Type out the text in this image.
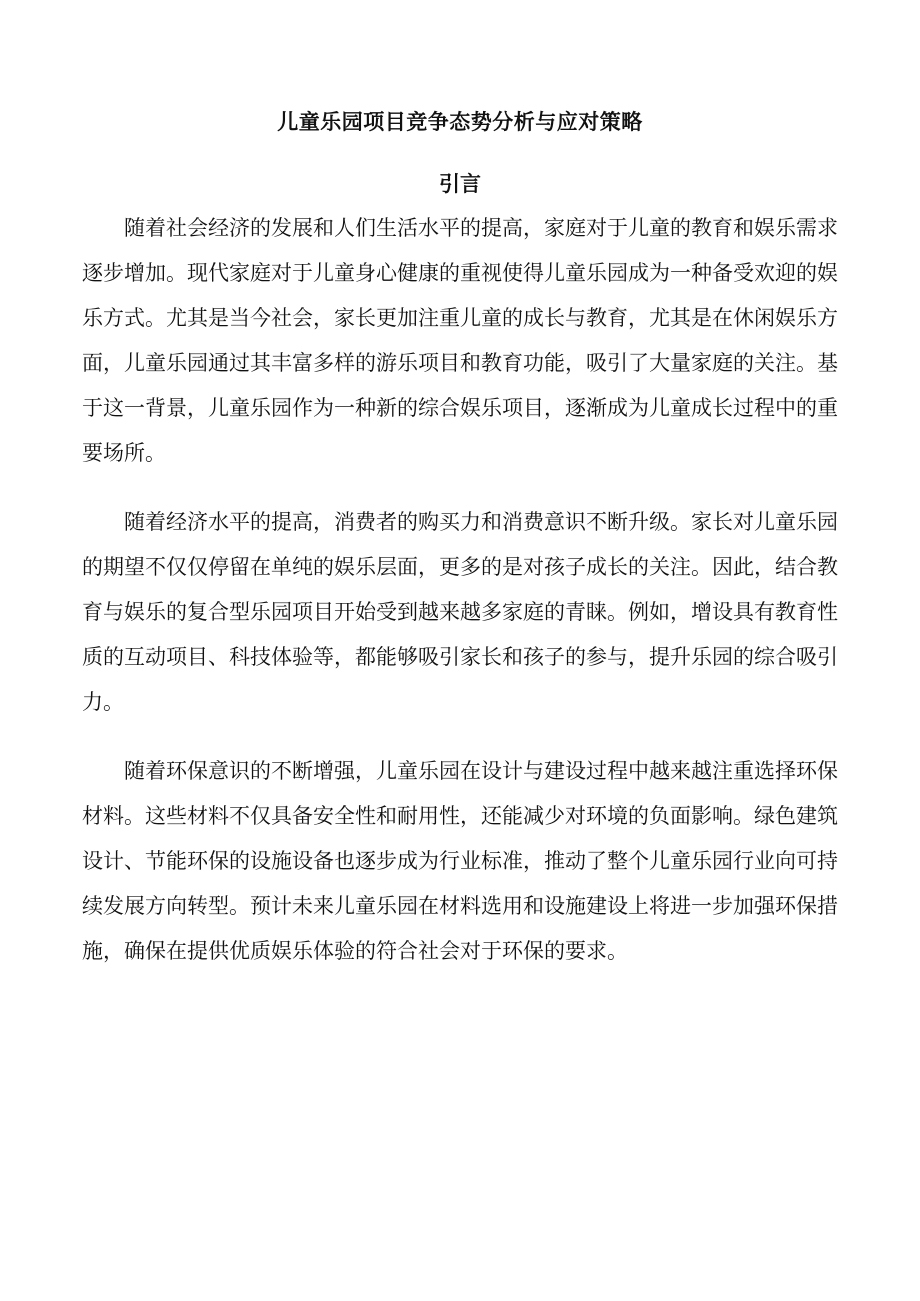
儿童乐园项目竞争态势分析与应对策略
引言

随着社会经济的发展和人们生活水平的提高，家庭对于儿童的教育和娱乐需求逐步增加。现代家庭对于儿童身心健康的重视使得儿童乐园成为一种备受欢迎的娱乐方式。尤其是当今社会，家长更加注重儿童的成长与教育，尤其是在休闲娱乐方面，儿童乐园通过其丰富多样的游乐项目和教育功能，吸引了大量家庭的关注。基于这一背景，儿童乐园作为一种新的综合娱乐项目，逐渐成为儿童成长过程中的重要场所。

随着经济水平的提高，消费者的购买力和消费意识不断升级。家长对儿童乐园的期望不仅仅停留在单纯的娱乐层面，更多的是对孩子成长的关注。因此，结合教育与娱乐的复合型乐园项目开始受到越来越多家庭的青睐。例如，增设具有教育性质的互动项目、科技体验等，都能够吸引家长和孩子的参与，提升乐园的综合吸引力。

随着环保意识的不断增强，儿童乐园在设计与建设过程中越来越注重选择环保材料。这些材料不仅具备安全性和耐用性，还能减少对环境的负面影响。绿色建筑设计、节能环保的设施设备也逐步成为行业标准，推动了整个儿童乐园行业向可持续发展方向转型。预计未来儿童乐园在材料选用和设施建设上将进一步加强环保措施，确保在提供优质娱乐体验的符合社会对于环保的要求。
